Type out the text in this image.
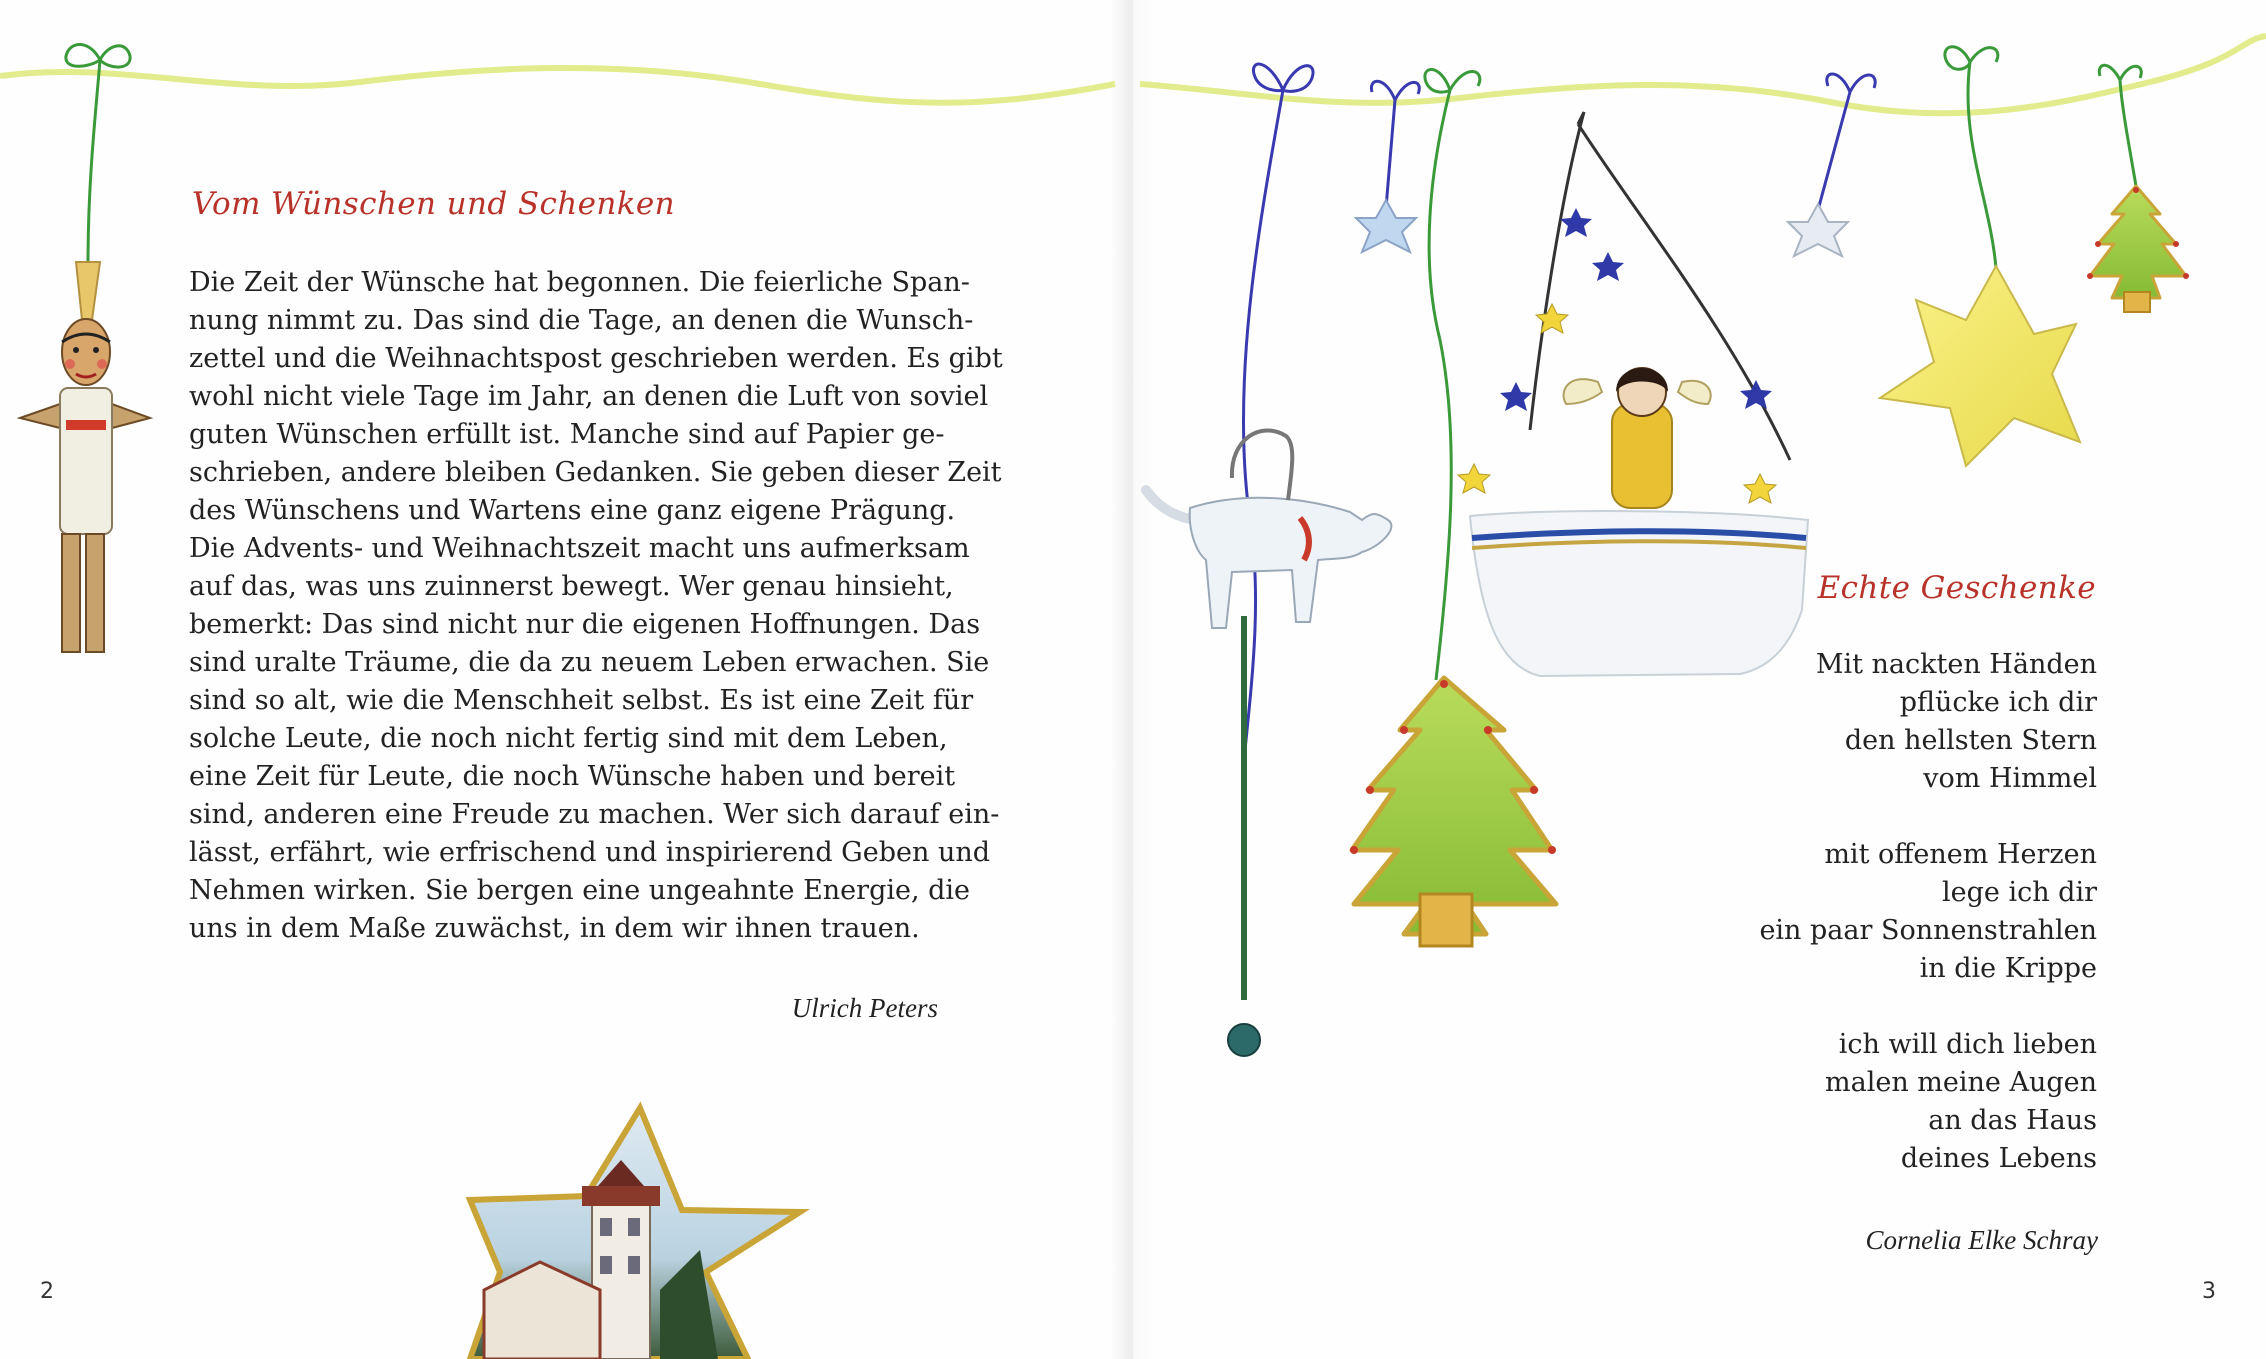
Vom Wünschen und Schenken
Die Zeit der Wünsche hat begonnen. Die feierliche Span-
nung nimmt zu. Das sind die Tage, an denen die Wunsch-
zettel und die Weihnachtspost geschrieben werden. Es gibt
wohl nicht viele Tage im Jahr, an denen die Luft von soviel
guten Wünschen erfüllt ist. Manche sind auf Papier ge-
schrieben, andere bleiben Gedanken. Sie geben dieser Zeit
des Wünschens und Wartens eine ganz eigene Prägung.
Die Advents- und Weihnachtszeit macht uns aufmerksam
auf das, was uns zuinnerst bewegt. Wer genau hinsieht,
bemerkt: Das sind nicht nur die eigenen Hoffnungen. Das
sind uralte Träume, die da zu neuem Leben erwachen. Sie
sind so alt, wie die Menschheit selbst. Es ist eine Zeit für
solche Leute, die noch nicht fertig sind mit dem Leben,
eine Zeit für Leute, die noch Wünsche haben und bereit
sind, anderen eine Freude zu machen. Wer sich darauf ein-
lässt, erfährt, wie erfrischend und inspirierend Geben und
Nehmen wirken. Sie bergen eine ungeahnte Energie, die
uns in dem Maße zuwächst, in dem wir ihnen trauen.

Ulrich Peters

2

Echte Geschenke
Mit nackten Händen
pflücke ich dir
den hellsten Stern
vom Himmel
mit offenem Herzen
lege ich dir
ein paar Sonnenstrahlen
in die Krippe
ich will dich lieben
malen meine Augen
an das Haus
deines Lebens

Cornelia Elke Schray

3
